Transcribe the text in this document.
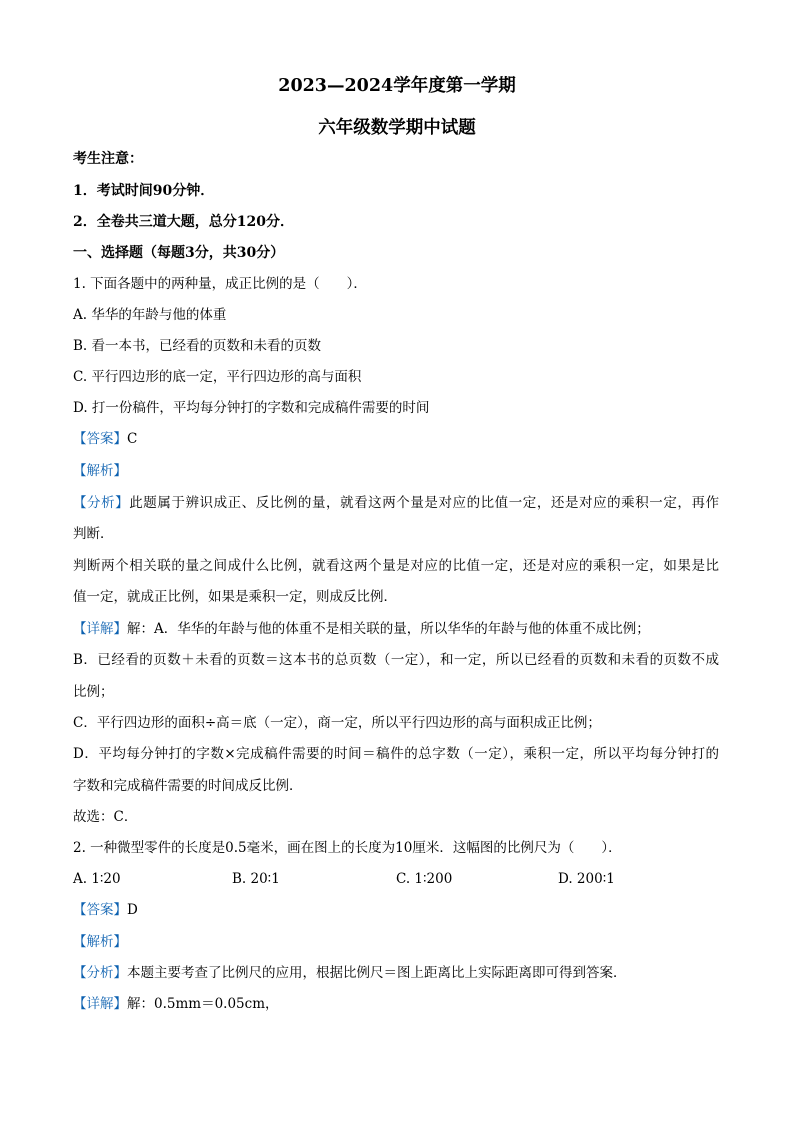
2023—2024学年度第一学期
六年级数学期中试题
考生注意：
1．考试时间90分钟．
2．全卷共三道大题，总分120分．
一、选择题（每题3分，共30分）
1. 下面各题中的两种量，成正比例的是（　　）．
A. 华华的年龄与他的体重
B. 看一本书，已经看的页数和未看的页数
C. 平行四边形的底一定，平行四边形的高与面积
D. 打一份稿件，平均每分钟打的字数和完成稿件需要的时间
【答案】C
【解析】
【分析】此题属于辨识成正、反比例的量，就看这两个量是对应的比值一定，还是对应的乘积一定，再作
判断．
判断两个相关联的量之间成什么比例，就看这两个量是对应的比值一定，还是对应的乘积一定，如果是比
值一定，就成正比例，如果是乘积一定，则成反比例．
【详解】解：A．华华的年龄与他的体重不是相关联的量，所以华华的年龄与他的体重不成比例；
B．已经看的页数＋未看的页数＝这本书的总页数（一定），和一定，所以已经看的页数和未看的页数不成
比例；
C．平行四边形的面积÷高＝底（一定），商一定，所以平行四边形的高与面积成正比例；
D．平均每分钟打的字数×完成稿件需要的时间＝稿件的总字数（一定），乘积一定，所以平均每分钟打的
字数和完成稿件需要的时间成反比例．
故选：C．
2. 一种微型零件的长度是0.5毫米，画在图上的长度为10厘米．这幅图的比例尺为（　　）．
A. 1∶20	B. 20∶1	C. 1∶200	D. 200∶1
【答案】D
【解析】
【分析】本题主要考查了比例尺的应用，根据比例尺＝图上距离比上实际距离即可得到答案．
【详解】解：0.5mm＝0.05cm，
